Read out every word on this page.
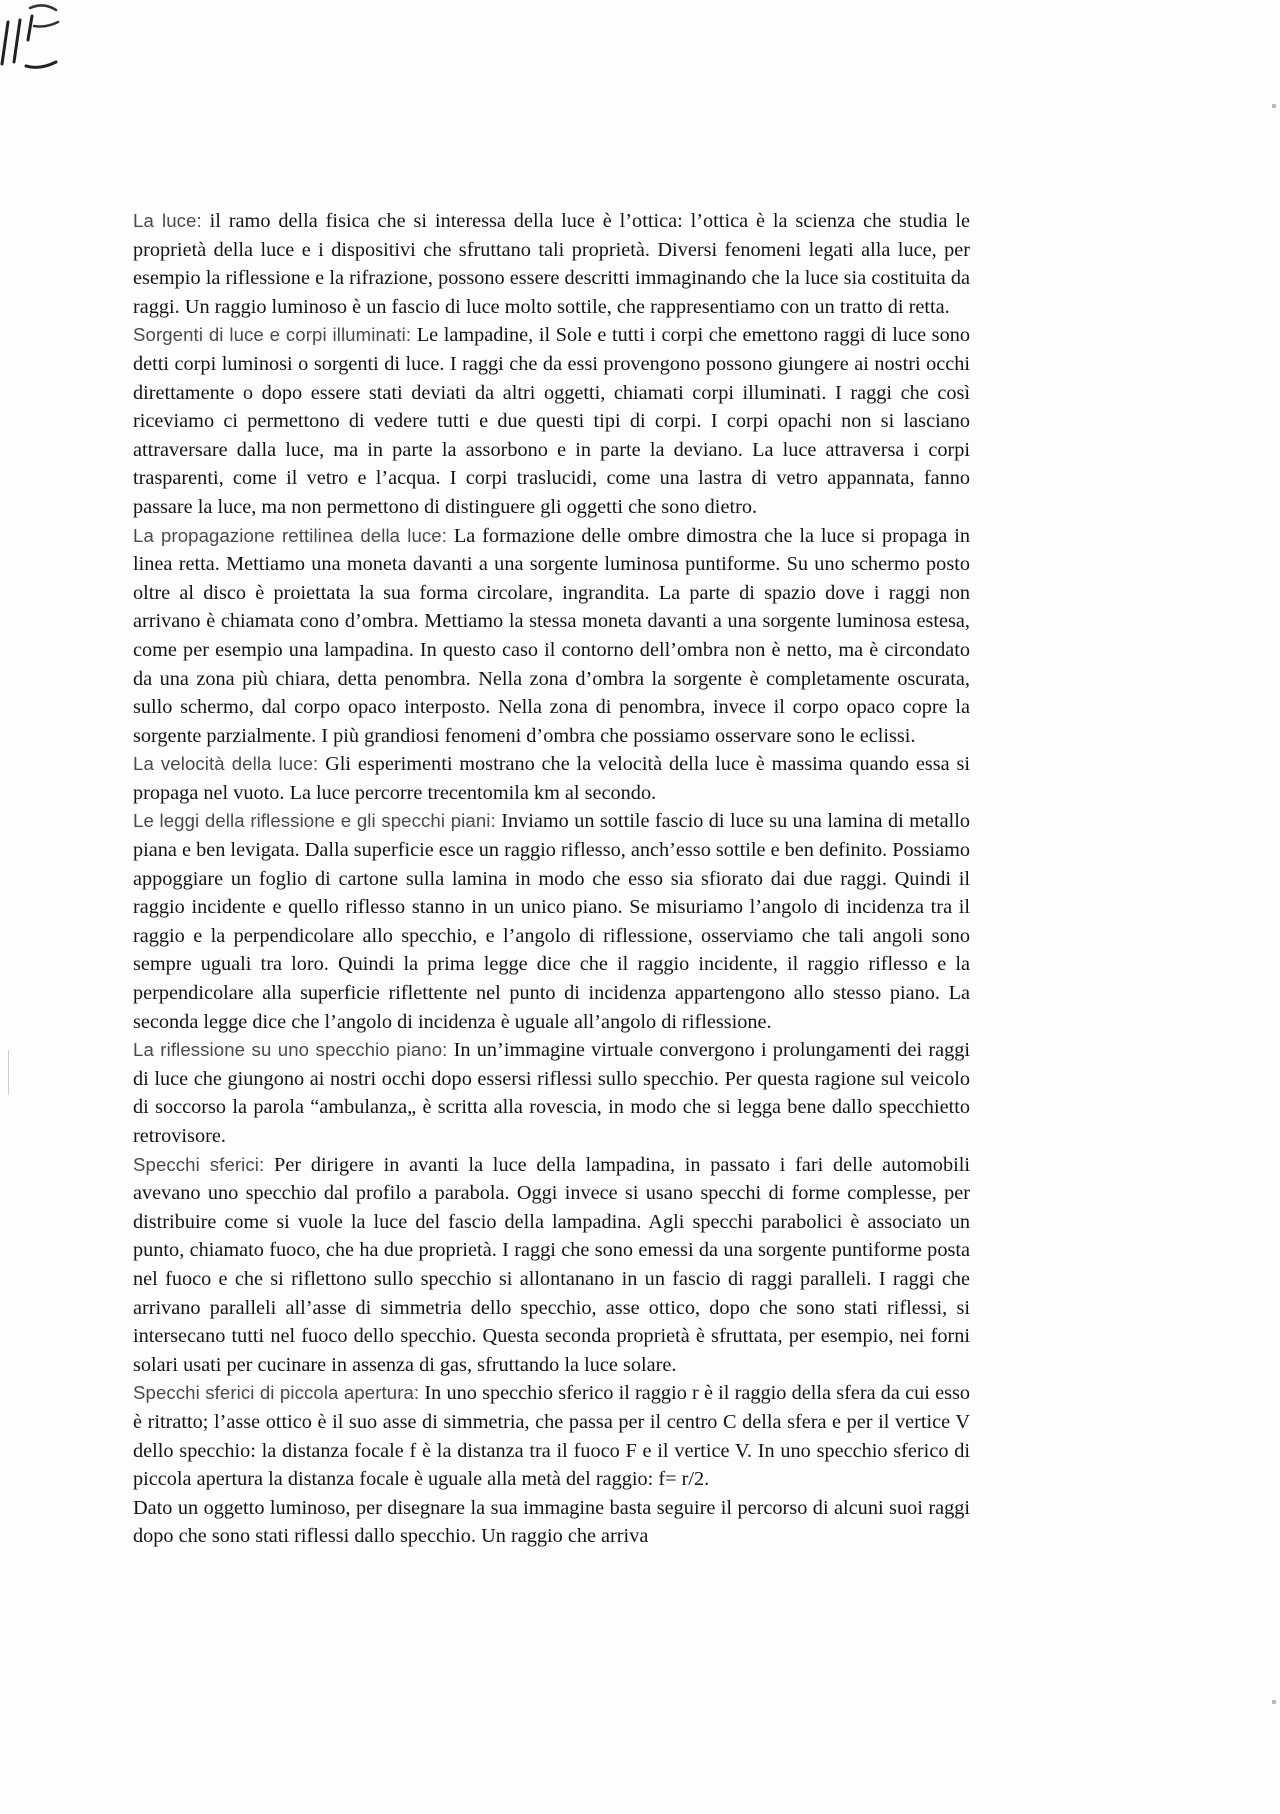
La luce: il ramo della fisica che si interessa della luce è l’ottica: l’ottica è la scienza che studia le proprietà della luce e i dispositivi che sfruttano tali proprietà. Diversi fenomeni legati alla luce, per esempio la riflessione e la rifrazione, possono essere descritti immaginando che la luce sia costituita da raggi. Un raggio luminoso è un fascio di luce molto sottile, che rappresentiamo con un tratto di retta.

Sorgenti di luce e corpi illuminati: Le lampadine, il Sole e tutti i corpi che emettono raggi di luce sono detti corpi luminosi o sorgenti di luce. I raggi che da essi provengono possono giungere ai nostri occhi direttamente o dopo essere stati deviati da altri oggetti, chiamati corpi illuminati. I raggi che così riceviamo ci permettono di vedere tutti e due questi tipi di corpi. I corpi opachi non si lasciano attraversare dalla luce, ma in parte la assorbono e in parte la deviano. La luce attraversa i corpi trasparenti, come il vetro e l’acqua. I corpi traslucidi, come una lastra di vetro appannata, fanno passare la luce, ma non permettono di distinguere gli oggetti che sono dietro.

La propagazione rettilinea della luce: La formazione delle ombre dimostra che la luce si propaga in linea retta. Mettiamo una moneta davanti a una sorgente luminosa puntiforme. Su uno schermo posto oltre al disco è proiettata la sua forma circolare, ingrandita. La parte di spazio dove i raggi non arrivano è chiamata cono d’ombra. Mettiamo la stessa moneta davanti a una sorgente luminosa estesa, come per esempio una lampadina. In questo caso il contorno dell’ombra non è netto, ma è circondato da una zona più chiara, detta penombra. Nella zona d’ombra la sorgente è completamente oscurata, sullo schermo, dal corpo opaco interposto. Nella zona di penombra, invece il corpo opaco copre la sorgente parzialmente. I più grandiosi fenomeni d’ombra che possiamo osservare sono le eclissi.

La velocità della luce: Gli esperimenti mostrano che la velocità della luce è massima quando essa si propaga nel vuoto. La luce percorre trecentomila km al secondo.

Le leggi della riflessione e gli specchi piani: Inviamo un sottile fascio di luce su una lamina di metallo piana e ben levigata. Dalla superficie esce un raggio riflesso, anch’esso sottile e ben definito. Possiamo appoggiare un foglio di cartone sulla lamina in modo che esso sia sfiorato dai due raggi. Quindi il raggio incidente e quello riflesso stanno in un unico piano. Se misuriamo l’angolo di incidenza tra il raggio e la perpendicolare allo specchio, e l’angolo di riflessione, osserviamo che tali angoli sono sempre uguali tra loro. Quindi la prima legge dice che il raggio incidente, il raggio riflesso e la perpendicolare alla superficie riflettente nel punto di incidenza appartengono allo stesso piano. La seconda legge dice che l’angolo di incidenza è uguale all’angolo di riflessione.

La riflessione su uno specchio piano: In un’immagine virtuale convergono i prolungamenti dei raggi di luce che giungono ai nostri occhi dopo essersi riflessi sullo specchio. Per questa ragione sul veicolo di soccorso la parola “ambulanza„ è scritta alla rovescia, in modo che si legga bene dallo specchietto retrovisore.

Specchi sferici: Per dirigere in avanti la luce della lampadina, in passato i fari delle automobili avevano uno specchio dal profilo a parabola. Oggi invece si usano specchi di forme complesse, per distribuire come si vuole la luce del fascio della lampadina. Agli specchi parabolici è associato un punto, chiamato fuoco, che ha due proprietà. I raggi che sono emessi da una sorgente puntiforme posta nel fuoco e che si riflettono sullo specchio si allontanano in un fascio di raggi paralleli. I raggi che arrivano paralleli all’asse di simmetria dello specchio, asse ottico, dopo che sono stati riflessi, si intersecano tutti nel fuoco dello specchio. Questa seconda proprietà è sfruttata, per esempio, nei forni solari usati per cucinare in assenza di gas, sfruttando la luce solare.

Specchi sferici di piccola apertura: In uno specchio sferico il raggio r è il raggio della sfera da cui esso è ritratto; l’asse ottico è il suo asse di simmetria, che passa per il centro C della sfera e per il vertice V dello specchio: la distanza focale f è la distanza tra il fuoco F e il vertice V. In uno specchio sferico di piccola apertura la distanza focale è uguale alla metà del raggio: f= r/2.

Dato un oggetto luminoso, per disegnare la sua immagine basta seguire il percorso di alcuni suoi raggi dopo che sono stati riflessi dallo specchio. Un raggio che arriva
